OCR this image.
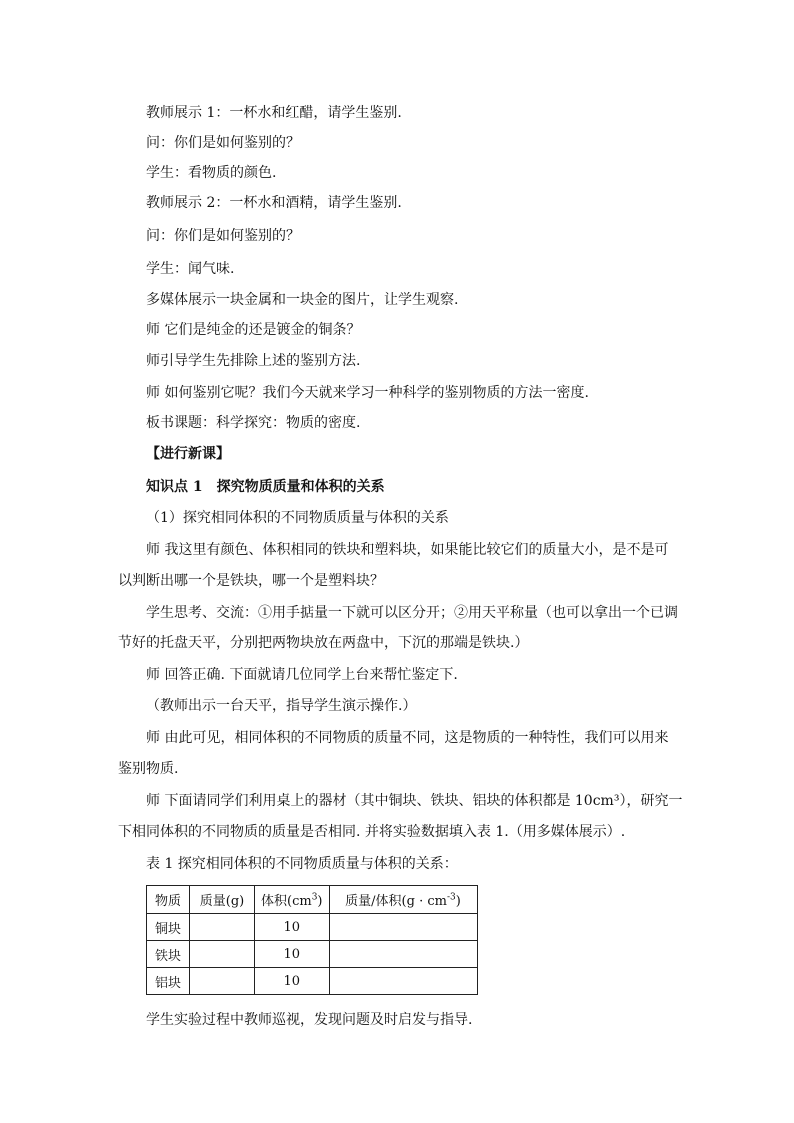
教师展示 1：一杯水和红醋，请学生鉴别.
问：你们是如何鉴别的？
学生：看物质的颜色.
教师展示 2：一杯水和酒精，请学生鉴别.
问：你们是如何鉴别的？
学生：闻气味.
多媒体展示一块金属和一块金的图片，让学生观察.
师 它们是纯金的还是镀金的铜条？
师引导学生先排除上述的鉴别方法.
师 如何鉴别它呢？我们今天就来学习一种科学的鉴别物质的方法一密度.
板书课题：科学探究：物质的密度.
【进行新课】
知识点 1　探究物质质量和体积的关系
（1）探究相同体积的不同物质质量与体积的关系
师 我这里有颜色、体积相同的铁块和塑料块，如果能比较它们的质量大小，是不是可
以判断出哪一个是铁块，哪一个是塑料块？
学生思考、交流：①用手掂量一下就可以区分开；②用天平称量（也可以拿出一个已调
节好的托盘天平，分别把两物块放在两盘中，下沉的那端是铁块.）
师 回答正确. 下面就请几位同学上台来帮忙鉴定下.
（教师出示一台天平，指导学生演示操作.）
师 由此可见，相同体积的不同物质的质量不同，这是物质的一种特性，我们可以用来
鉴别物质.
师 下面请同学们利用桌上的器材（其中铜块、铁块、铝块的体积都是 10cm³），研究一
下相同体积的不同物质的质量是否相同. 并将实验数据填入表 1.（用多媒体展示）.
表 1 探究相同体积的不同物质质量与体积的关系：
物质	质量(g)	体积$(cm^3)$	质量/体积$(g \cdot cm^{-3})$
铜块		10	
铁块		10	
铝块		10	
学生实验过程中教师巡视，发现问题及时启发与指导.
